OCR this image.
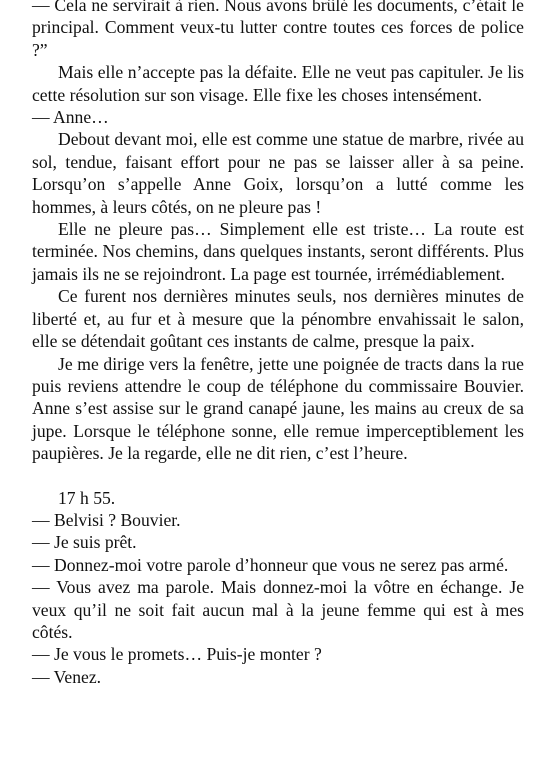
— Cela ne servirait à rien. Nous avons brûlé les documents, c’était le principal. Comment veux-tu lutter contre toutes ces forces de police ?”

Mais elle n’accepte pas la défaite. Elle ne veut pas capituler. Je lis cette résolution sur son visage. Elle fixe les choses intensément.

— Anne…

Debout devant moi, elle est comme une statue de marbre, rivée au sol, tendue, faisant effort pour ne pas se laisser aller à sa peine. Lorsqu’on s’appelle Anne Goix, lorsqu’on a lutté comme les hommes, à leurs côtés, on ne pleure pas !

Elle ne pleure pas… Simplement elle est triste… La route est terminée. Nos chemins, dans quelques instants, seront différents. Plus jamais ils ne se rejoindront. La page est tournée, irrémédiablement.

Ce furent nos dernières minutes seuls, nos dernières minutes de liberté et, au fur et à mesure que la pénombre envahissait le salon, elle se détendait goûtant ces instants de calme, presque la paix.

Je me dirige vers la fenêtre, jette une poignée de tracts dans la rue puis reviens attendre le coup de téléphone du commissaire Bouvier. Anne s’est assise sur le grand canapé jaune, les mains au creux de sa jupe. Lorsque le téléphone sonne, elle remue imperceptiblement les paupières. Je la regarde, elle ne dit rien, c’est l’heure.

17 h 55.

— Belvisi ? Bouvier.

— Je suis prêt.

— Donnez-moi votre parole d’honneur que vous ne serez pas armé.

— Vous avez ma parole. Mais donnez-moi la vôtre en échange. Je veux qu’il ne soit fait aucun mal à la jeune femme qui est à mes côtés.

— Je vous le promets… Puis-je monter ?

— Venez.
